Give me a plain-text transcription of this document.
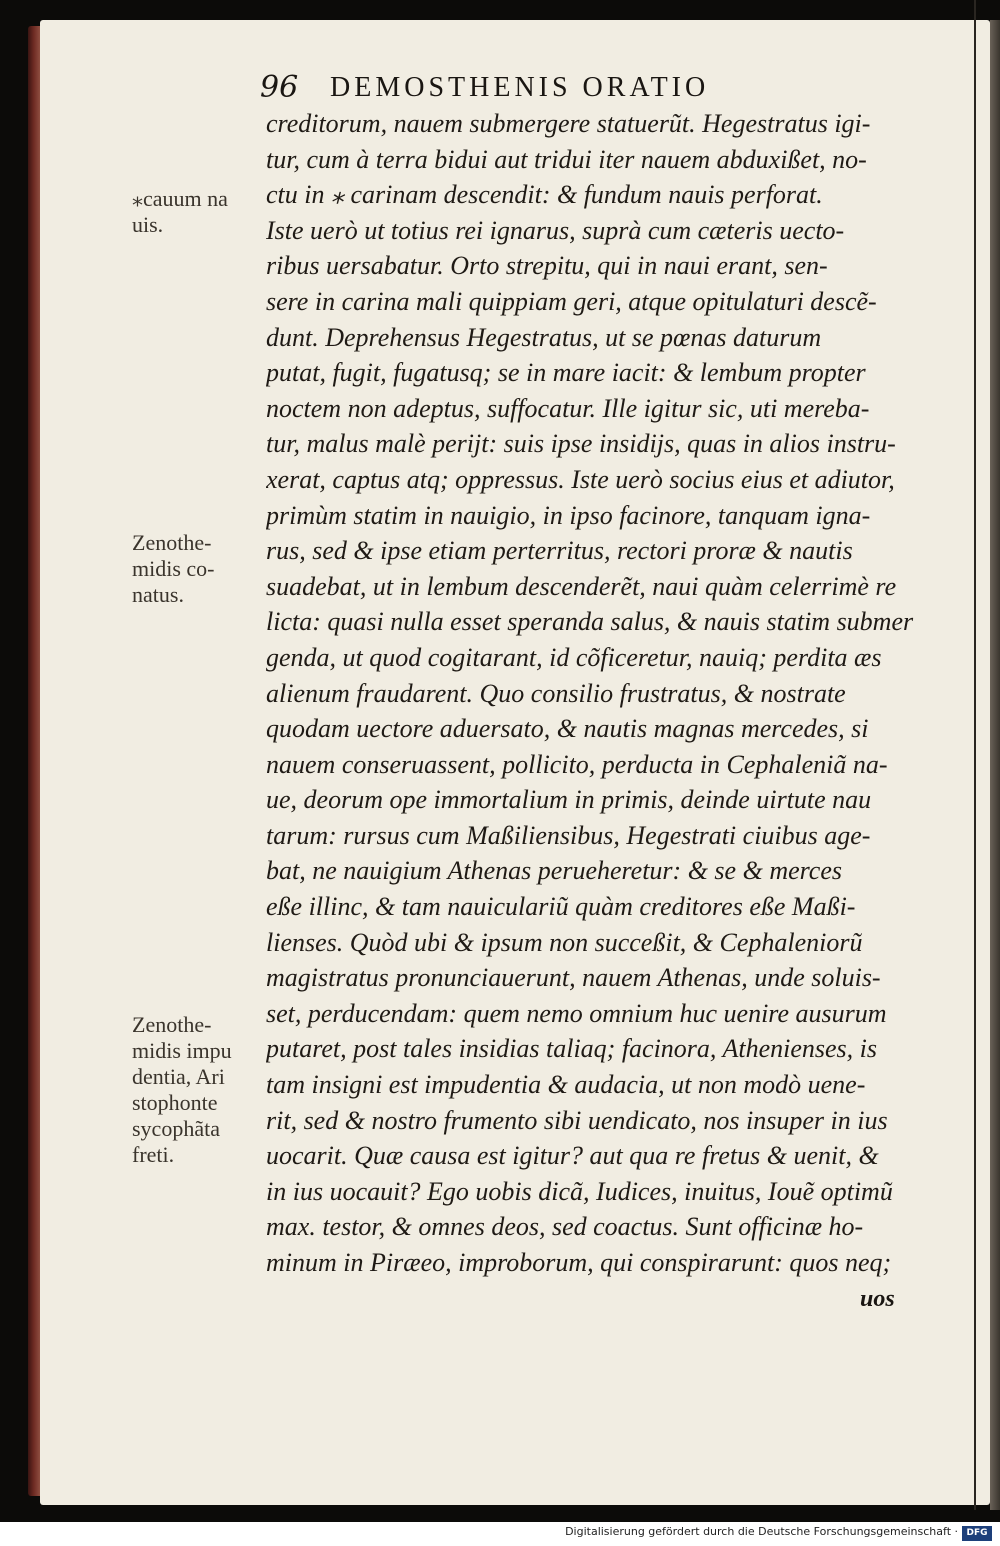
96 DEMOSTHENIS ORATIO
⁎cauum na
uis.
Zenothe-
midis co-
natus.
Zenothe-
midis impu
dentia, Ari
stophonte
sycophãta
freti.
creditorum, nauem submergere statuerũt. Hegestratus igi-
tur, cum à terra bidui aut tridui iter nauem abduxißet, no-
ctu in ⁎ carinam descendit: & fundum nauis perforat.
Iste uerò ut totius rei ignarus, suprà cum cæteris uecto-
ribus uersabatur. Orto strepitu, qui in naui erant, sen-
sere in carina mali quippiam geri, atque opitulaturi descẽ-
dunt. Deprehensus Hegestratus, ut se pœnas daturum
putat, fugit, fugatusq; se in mare iacit: & lembum propter
noctem non adeptus, suffocatur. Ille igitur sic, uti mereba-
tur, malus malè perijt: suis ipse insidijs, quas in alios instru-
xerat, captus atq; oppressus. Iste uerò socius eius et adiutor,
primùm statim in nauigio, in ipso facinore, tanquam igna-
rus, sed & ipse etiam perterritus, rectori proræ & nautis
suadebat, ut in lembum descenderẽt, naui quàm celerrimè re
licta: quasi nulla esset speranda salus, & nauis statim submer
genda, ut quod cogitarant, id cõficeretur, nauiq; perdita æs
alienum fraudarent. Quo consilio frustratus, & nostrate
quodam uectore aduersato, & nautis magnas mercedes, si
nauem conseruassent, pollicito, perducta in Cephaleniã na-
ue, deorum ope immortalium in primis, deinde uirtute nau
tarum: rursus cum Maßiliensibus, Hegestrati ciuibus age-
bat, ne nauigium Athenas perueheretur: & se & merces
eße illinc, & tam nauiculariũ quàm creditores eße Maßi-
lienses. Quòd ubi & ipsum non succeßit, & Cephaleniorũ
magistratus pronunciauerunt, nauem Athenas, unde soluis-
set, perducendam: quem nemo omnium huc uenire ausurum
putaret, post tales insidias taliaq; facinora, Athenienses, is
tam insigni est impudentia & audacia, ut non modò uene-
rit, sed & nostro frumento sibi uendicato, nos insuper in ius
uocarit. Quæ causa est igitur? aut qua re fretus & uenit, &
in ius uocauit? Ego uobis dicã, Iudices, inuitus, Iouẽ optimũ
max. testor, & omnes deos, sed coactus. Sunt officinæ ho-
minum in Piræeo, improborum, qui conspirarunt: quos neq;
uos
Digitalisierung gefördert durch die Deutsche Forschungsgemeinschaft · DFG
